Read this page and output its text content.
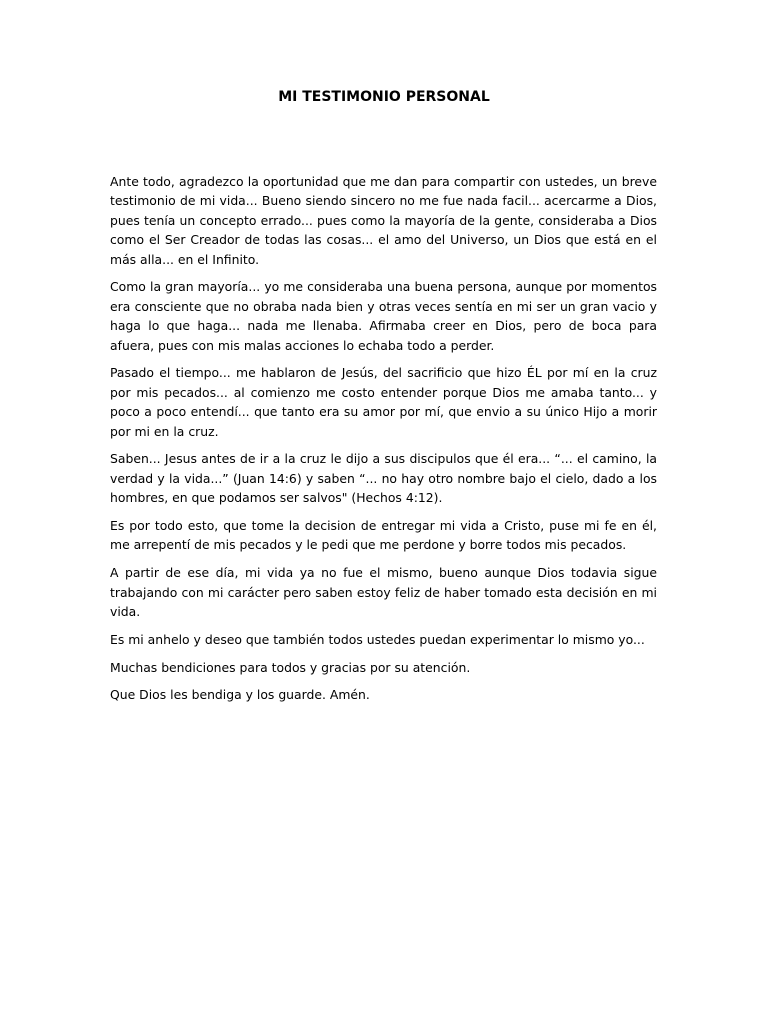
MI TESTIMONIO PERSONAL

Ante todo, agradezco la oportunidad que me dan para compartir con ustedes, un breve testimonio de mi vida... Bueno siendo sincero no me fue nada facil... acercarme a Dios, pues tenía un concepto errado... pues como la mayoría de la gente, consideraba a Dios como el Ser Creador de todas las cosas... el amo del Universo, un Dios que está en el más alla... en el Infinito.

Como la gran mayoría... yo me consideraba una buena persona, aunque por momentos era consciente que no obraba nada bien y otras veces sentía en mi ser un gran vacio y haga lo que haga... nada me llenaba. Afirmaba creer en Dios, pero de boca para afuera, pues con mis malas acciones lo echaba todo a perder.

Pasado el tiempo... me hablaron de Jesús, del sacrificio que hizo ÉL por mí en la cruz por mis pecados... al comienzo me costo entender porque Dios me amaba tanto... y poco a poco entendí... que tanto era su amor por mí, que envio a su único Hijo a morir por mi en la cruz.

Saben... Jesus antes de ir a la cruz le dijo a sus discipulos que él era... “... el camino, la verdad y la vida...” (Juan 14:6) y saben “... no hay otro nombre bajo el cielo, dado a los hombres, en que podamos ser salvos" (Hechos 4:12).

Es por todo esto, que tome la decision de entregar mi vida a Cristo, puse mi fe en él, me arrepentí de mis pecados y le pedi que me perdone y borre todos mis pecados.

A partir de ese día, mi vida ya no fue el mismo, bueno aunque Dios todavia sigue trabajando con mi carácter pero saben estoy feliz de haber tomado esta decisión en mi vida.

Es mi anhelo y deseo que también todos ustedes puedan experimentar lo mismo yo...

Muchas bendiciones para todos y gracias por su atención.

Que Dios les bendiga y los guarde. Amén.
